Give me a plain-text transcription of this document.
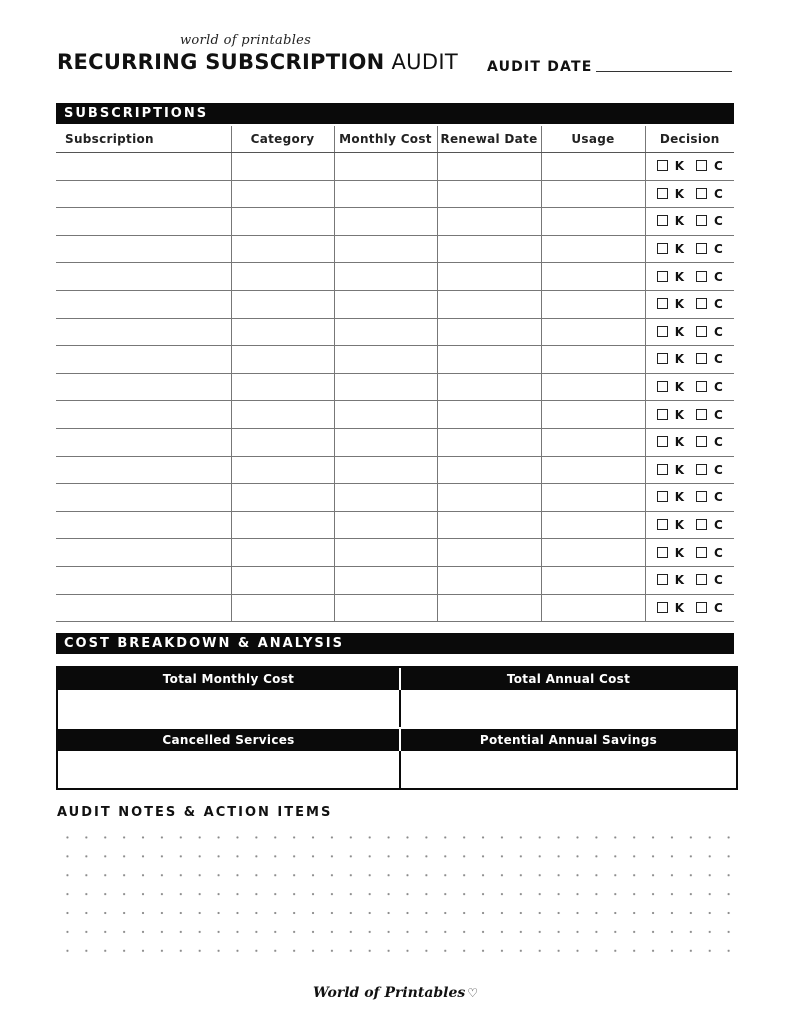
world of printables
RECURRING SUBSCRIPTION AUDIT AUDIT DATE
SUBSCRIPTIONS
Subscription	Category	Monthly Cost	Renewal Date	Usage	Decision
					K C
					K C
					K C
					K C
					K C
					K C
					K C
					K C
					K C
					K C
					K C
					K C
					K C
					K C
					K C
					K C
					K C
COST BREAKDOWN & ANALYSIS
Total Monthly Cost	Total Annual Cost
Cancelled Services	Potential Annual Savings
AUDIT NOTES & ACTION ITEMS
World of Printables ♡
